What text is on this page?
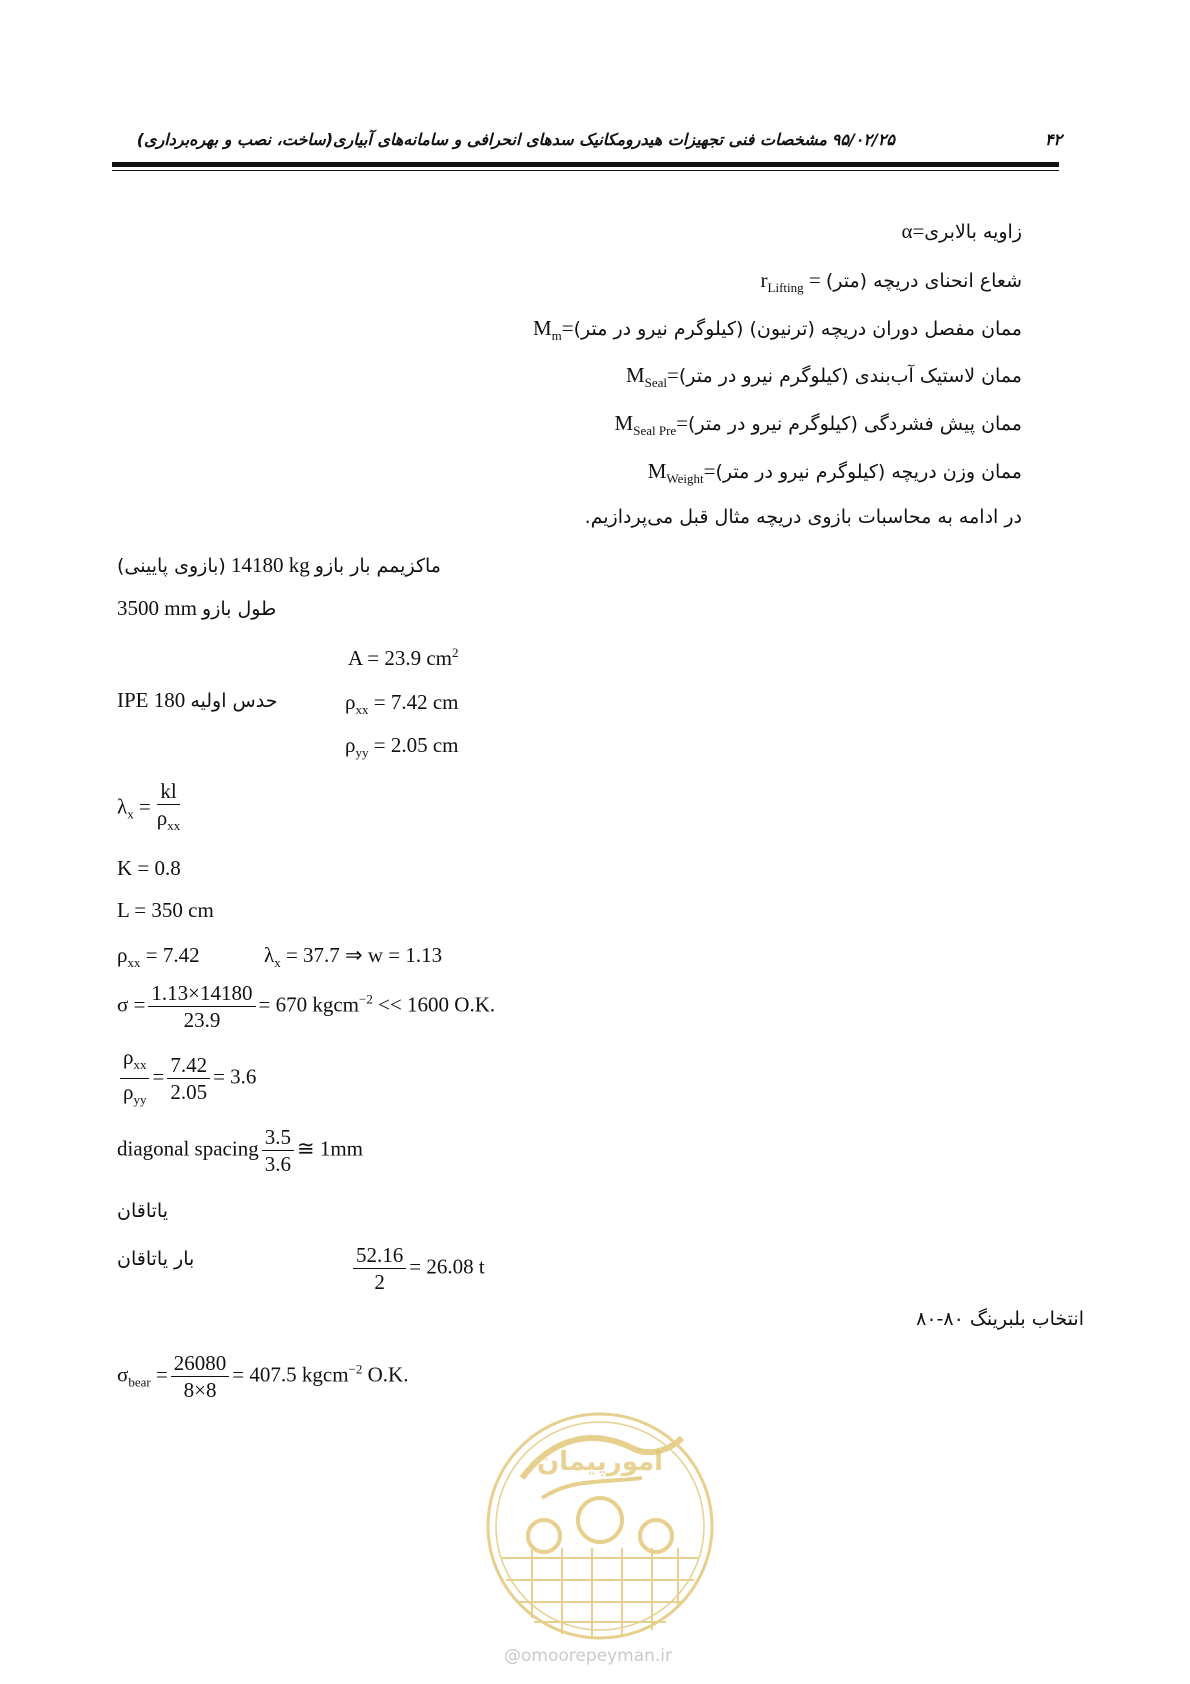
۴۲
۹۵/۰۲/۲۵
مشخصات فنی تجهیزات هیدرومکانیک سدهای انحرافی و سامانه‌های آبیاری(ساخت، نصب و بهره‌برداری)
زاویه بالابریα=
شعاع انحنای دریچه (متر) $r_{Lifting}$ =
ممان مفصل دوران دریچه (ترنیون) (کیلوگرم نیرو در $متر)M_m=$
ممان لاستیک آب‌بندی (کیلوگرم نیرو در $متر)M_{Seal}=$
ممان پیش فشردگی (کیلوگرم نیرو در $متر)M_{Seal Pre}=$
ممان وزن دریچه (کیلوگرم نیرو در $متر)M_{Weight}=$
در ادامه به محاسبات بازوی دریچه مثال قبل می‌پردازیم.
ماکزیمم بار بازو 14180 kg (بازوی پایینی)
طول بازو 3500 mm
A = 23.9 $cm^2$
حدس اولیه IPE 180	$\rho_{xx} = 7.42$ cm
$\rho_{yy} = 2.05$ cm
$\lambda_x = \frac{kl}{\rho_{xx}}$
K = 0.8
L = 350 cm
$\rho_{xx} = 7.42$	$\lambda_x = 37.7$ ⇒ w = 1.13
$\sigma = \frac{1.13\times 14180}{23.9} = 670$ kgcm$^{-2}$ << 1600 O.K.
$\frac{\rho_{xx}}{\rho_{yy}} = \frac{7.42}{2.05} = 3.6$
diagonal spacing $\frac{3.5}{3.6}$ ≅ 1mm
یاتاقان
بار یاتاقان	$\frac{52.16}{2} = 26.08$ t
انتخاب بلبرینگ ۸۰-۸۰
$\sigma_{bear} = \frac{26080}{8\times 8} = 407.5$ kgcm$^{-2}$ O.K.
امورپیمان
@omoorepeyman.ir
